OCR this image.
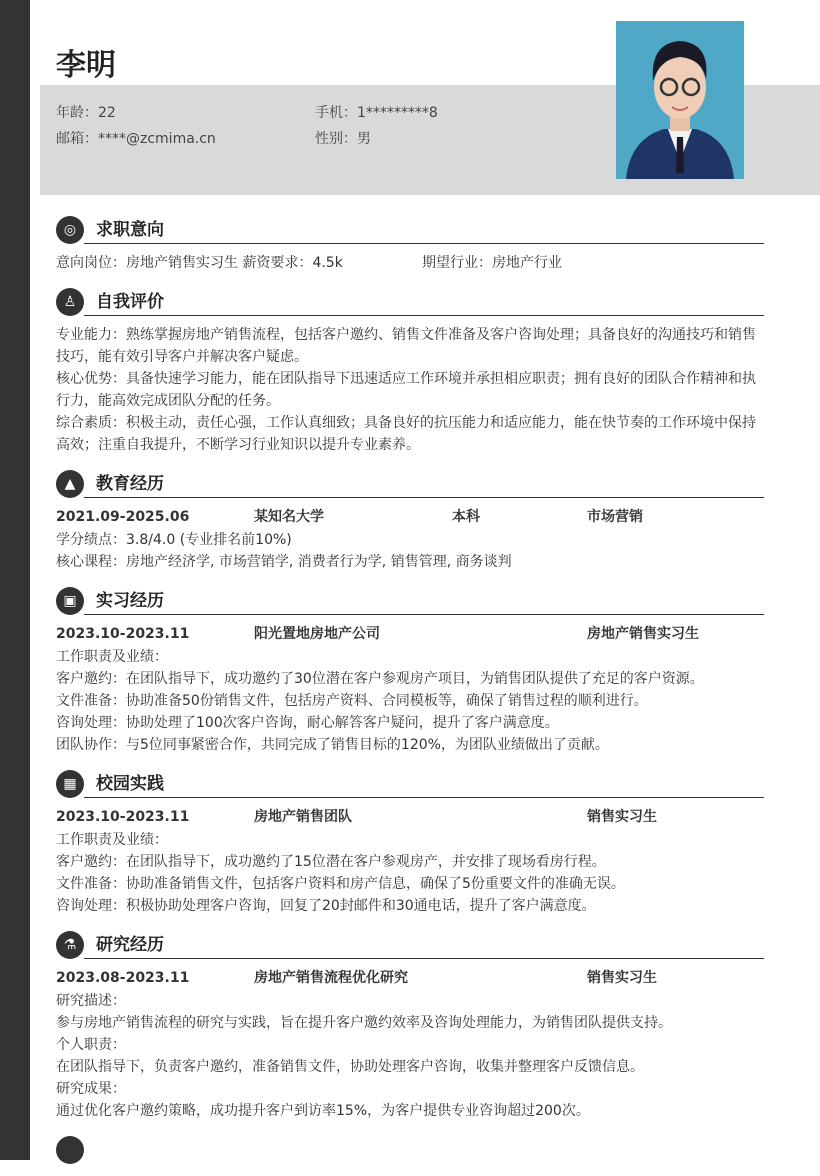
李明
年龄：22	手机：1*********8
邮箱：****@zcmima.cn	性别：男
◎	求职意向
意向岗位：房地产销售实习生 薪资要求：4.5k	期望行业：房地产行业
♙	自我评价
专业能力：熟练掌握房地产销售流程，包括客户邀约、销售文件准备及客户咨询处理；具备良好的沟通技巧和销售技巧，能有效引导客户并解决客户疑虑。
核心优势：具备快速学习能力，能在团队指导下迅速适应工作环境并承担相应职责；拥有良好的团队合作精神和执行力，能高效完成团队分配的任务。
综合素质：积极主动，责任心强，工作认真细致；具备良好的抗压能力和适应能力，能在快节奏的工作环境中保持高效；注重自我提升，不断学习行业知识以提升专业素养。
▲	教育经历
2021.09-2025.06	某知名大学	本科	市场营销
学分绩点：3.8/4.0 (专业排名前10%)
核心课程：房地产经济学, 市场营销学, 消费者行为学, 销售管理, 商务谈判
▣	实习经历
2023.10-2023.11	阳光置地房地产公司	房地产销售实习生
工作职责及业绩：
客户邀约：在团队指导下，成功邀约了30位潜在客户参观房产项目，为销售团队提供了充足的客户资源。
文件准备：协助准备50份销售文件，包括房产资料、合同模板等，确保了销售过程的顺利进行。
咨询处理：协助处理了100次客户咨询，耐心解答客户疑问，提升了客户满意度。
团队协作：与5位同事紧密合作，共同完成了销售目标的120%，为团队业绩做出了贡献。
▦	校园实践
2023.10-2023.11	房地产销售团队	销售实习生
工作职责及业绩：
客户邀约：在团队指导下，成功邀约了15位潜在客户参观房产，并安排了现场看房行程。
文件准备：协助准备销售文件，包括客户资料和房产信息，确保了5份重要文件的准确无误。
咨询处理：积极协助处理客户咨询，回复了20封邮件和30通电话，提升了客户满意度。
⚗	研究经历
2023.08-2023.11	房地产销售流程优化研究	销售实习生
研究描述：
参与房地产销售流程的研究与实践，旨在提升客户邀约效率及咨询处理能力，为销售团队提供支持。
个人职责：
在团队指导下，负责客户邀约，准备销售文件，协助处理客户咨询，收集并整理客户反馈信息。
研究成果：
通过优化客户邀约策略，成功提升客户到访率15%，为客户提供专业咨询超过200次。
